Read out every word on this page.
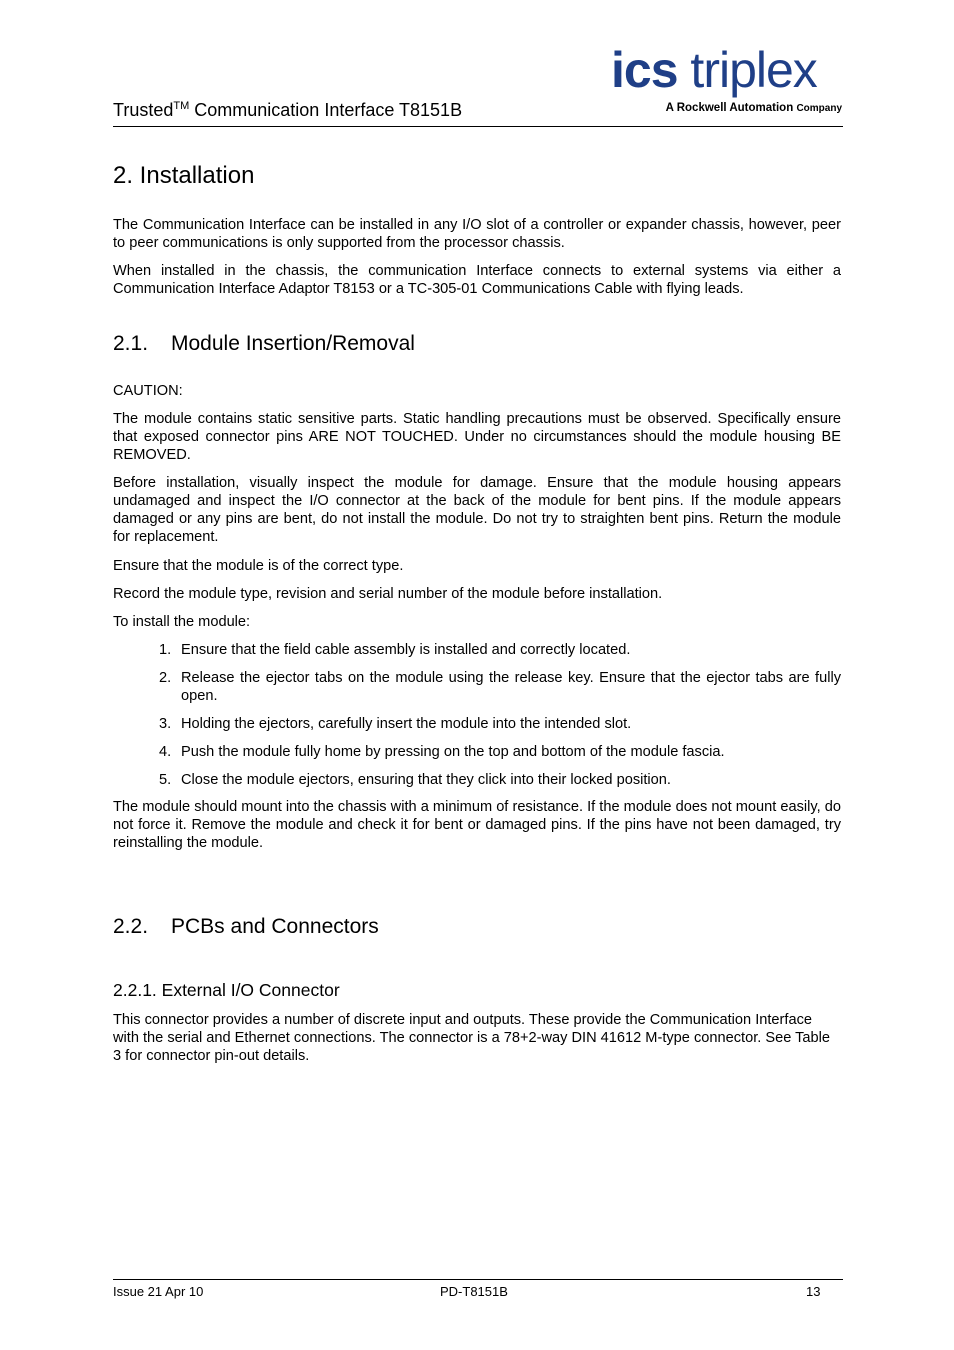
Trusted™ Communication Interface T8151B
ics triplex
A Rockwell Automation Company
2. Installation

The Communication Interface can be installed in any I/O slot of a controller or expander chassis, however, peer to peer communications is only supported from the processor chassis.

When installed in the chassis, the communication Interface connects to external systems via either a Communication Interface Adaptor T8153 or a TC-305-01 Communications Cable with flying leads.

2.1. Module Insertion/Removal

CAUTION:

The module contains static sensitive parts. Static handling precautions must be observed. Specifically ensure that exposed connector pins ARE NOT TOUCHED. Under no circumstances should the module housing BE REMOVED.

Before installation, visually inspect the module for damage. Ensure that the module housing appears undamaged and inspect the I/O connector at the back of the module for bent pins. If the module appears damaged or any pins are bent, do not install the module. Do not try to straighten bent pins. Return the module for replacement.

Ensure that the module is of the correct type.

Record the module type, revision and serial number of the module before installation.

To install the module:

1. Ensure that the field cable assembly is installed and correctly located.
2. Release the ejector tabs on the module using the release key. Ensure that the ejector tabs are fully open.
3. Holding the ejectors, carefully insert the module into the intended slot.
4. Push the module fully home by pressing on the top and bottom of the module fascia.
5. Close the module ejectors, ensuring that they click into their locked position.

The module should mount into the chassis with a minimum of resistance. If the module does not mount easily, do not force it. Remove the module and check it for bent or damaged pins. If the pins have not been damaged, try reinstalling the module.

2.2. PCBs and Connectors
2.2.1. External I/O Connector

This connector provides a number of discrete input and outputs. These provide the Communication Interface with the serial and Ethernet connections. The connector is a 78+2-way DIN 41612 M-type connector. See Table 3 for connector pin-out details.

Issue 21 Apr 10	PD-T8151B	13
